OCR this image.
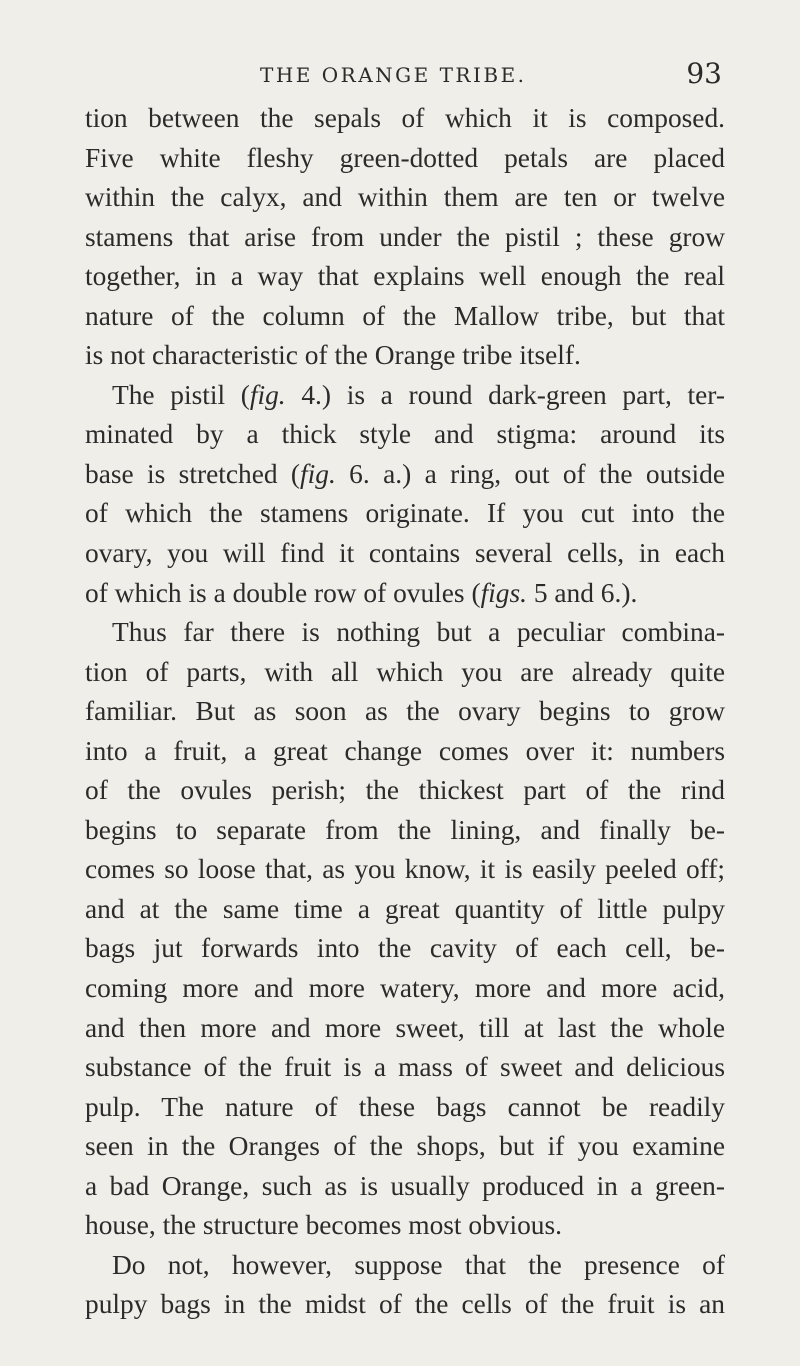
THE ORANGE TRIBE.	93
tion between the sepals of which it is composed.
Five white fleshy green-dotted petals are placed
within the calyx, and within them are ten or twelve
stamens that arise from under the pistil ; these grow
together, in a way that explains well enough the real
nature of the column of the Mallow tribe, but that
is not characteristic of the Orange tribe itself.
The pistil (fig. 4.) is a round dark-green part, ter-
minated by a thick style and stigma: around its
base is stretched (fig. 6. a.) a ring, out of the outside
of which the stamens originate. If you cut into the
ovary, you will find it contains several cells, in each
of which is a double row of ovules (figs. 5 and 6.).
Thus far there is nothing but a peculiar combina-
tion of parts, with all which you are already quite
familiar. But as soon as the ovary begins to grow
into a fruit, a great change comes over it: numbers
of the ovules perish; the thickest part of the rind
begins to separate from the lining, and finally be-
comes so loose that, as you know, it is easily peeled off;
and at the same time a great quantity of little pulpy
bags jut forwards into the cavity of each cell, be-
coming more and more watery, more and more acid,
and then more and more sweet, till at last the whole
substance of the fruit is a mass of sweet and delicious
pulp. The nature of these bags cannot be readily
seen in the Oranges of the shops, but if you examine
a bad Orange, such as is usually produced in a green-
house, the structure becomes most obvious.
Do not, however, suppose that the presence of
pulpy bags in the midst of the cells of the fruit is an
